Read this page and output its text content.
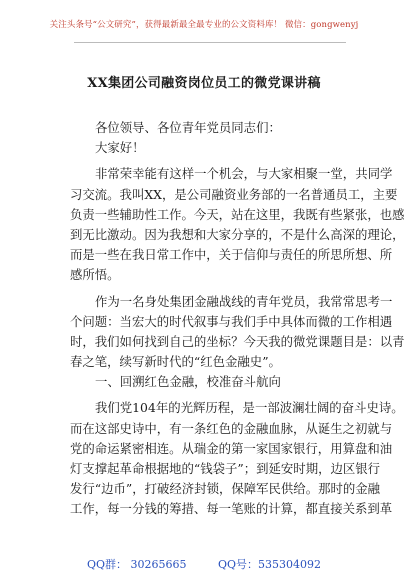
关注头条号“公文研究”，获得最新最全最专业的公文资料库！ 微信：gongwenyj
XX集团公司融资岗位员工的微党课讲稿
各位领导、各位青年党员同志们：
大家好！
非常荣幸能有这样一个机会，与大家相聚一堂，共同学
习交流。我叫XX，是公司融资业务部的一名普通员工，主要
负责一些辅助性工作。今天，站在这里，我既有些紧张，也感
到无比激动。因为我想和大家分享的，不是什么高深的理论，
而是一些在我日常工作中，关于信仰与责任的所思所想、所
感所悟。
作为一名身处集团金融战线的青年党员，我常常思考一
个问题：当宏大的时代叙事与我们手中具体而微的工作相遇
时，我们如何找到自己的坐标？今天我的微党课题目是：以青
春之笔，续写新时代的“红色金融史”。
一、回溯红色金融，校准奋斗航向
我们党104年的光辉历程，是一部波澜壮阔的奋斗史诗。
而在这部史诗中，有一条红色的金融血脉，从诞生之初就与
党的命运紧密相连。从瑞金的第一家国家银行，用算盘和油
灯支撑起革命根据地的“钱袋子”；到延安时期，边区银行
发行“边币”，打破经济封锁，保障军民供给。那时的金融
工作，每一分钱的筹措、每一笔账的计算，都直接关系到革
QQ群： 30265665	QQ号：535304092
